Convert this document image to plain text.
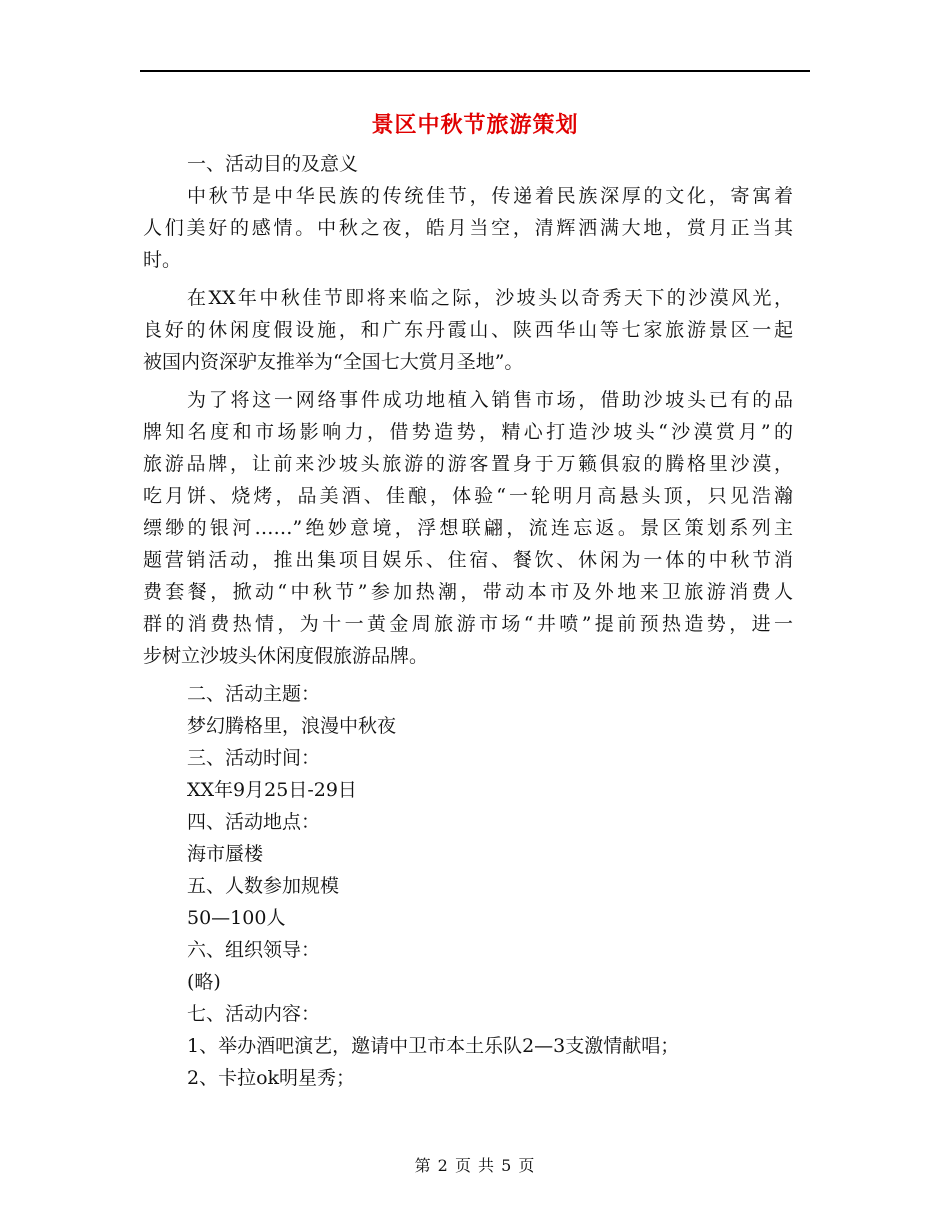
景区中秋节旅游策划
一、活动目的及意义
中秋节是中华民族的传统佳节，传递着民族深厚的文化，寄寓着
人们美好的感情。中秋之夜，皓月当空，清辉洒满大地，赏月正当其
时。
在XX年中秋佳节即将来临之际，沙坡头以奇秀天下的沙漠风光，
良好的休闲度假设施，和广东丹霞山、陕西华山等七家旅游景区一起
被国内资深驴友推举为“全国七大赏月圣地”。
为了将这一网络事件成功地植入销售市场，借助沙坡头已有的品
牌知名度和市场影响力，借势造势，精心打造沙坡头“沙漠赏月”的
旅游品牌，让前来沙坡头旅游的游客置身于万籁俱寂的腾格里沙漠，
吃月饼、烧烤，品美酒、佳酿，体验“一轮明月高悬头顶，只见浩瀚
缥缈的银河……”绝妙意境，浮想联翩，流连忘返。景区策划系列主
题营销活动，推出集项目娱乐、住宿、餐饮、休闲为一体的中秋节消
费套餐，掀动“中秋节”参加热潮，带动本市及外地来卫旅游消费人
群的消费热情，为十一黄金周旅游市场“井喷”提前预热造势，进一
步树立沙坡头休闲度假旅游品牌。
二、活动主题：
梦幻腾格里，浪漫中秋夜
三、活动时间：
XX年9月25日-29日
四、活动地点：
海市蜃楼
五、人数参加规模
50—100人
六、组织领导：
(略)
七、活动内容：
1、举办酒吧演艺，邀请中卫市本土乐队2—3支激情献唱；
2、卡拉ok明星秀；
第 2 页 共 5 页
